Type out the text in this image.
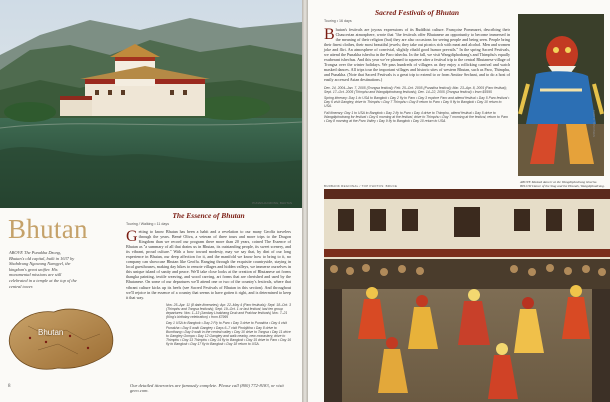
PUNAKHA DZONG, BHUTAN
Bhutan
ABOVE The Punakha Dzong, Bhutan's old capital, built in 1637 by Shabdrung Ngawang Namgyel, the kingdom's great unifier. His monumental missions are still celebrated in a temple at the top of the central tower.
Bhutan
The Essence of Bhutan
Touring / Walking • 11 days
Getting to know Bhutan has been a habit and a revelation to our many Geoffa travelers through the years. Bemé Oliva, a veteran of three tours and more trips to the Dragon Kingdom than we record our program there more than 20 years, coined The Essence of Bhutan as "a summary of all that drains us in Bhutan, its outstanding people, its sweet scenery, and its vibrant, proud culture." With a bow toward modesty, may we say that, by dint of our long experience in Bhutan, our deep affection for it, and the manifold we know how to bring to it, no company can showcase Bhutan like Geoffa. Ranging through the exquisite countryside, staying in local guesthouses, making day hikes to remote villages and hidden valleys, we immerse ourselves in this unique island of sanity and peace. We'll take close looks at the creation of Bhutanese art forms thangka painting, textile weaving, and wood carving, art forms that are cherished and used by the Bhutanese. On some of our departures we'll attend one or two of the country's festivals, where that vibrant culture kicks up its heels (see Sacred Festivals of Bhutan in this section). And throughout we'll rejoice in the essence of a country that seems to have gotten it right, and is determined to keep it that way.
Nov. 25–Apr. 11 (8 date-itineraries); Apr. 22–May 4 (Paro festivals); Sept. 18–Oct. 3 (Thimphu and Tongsa festivals); Sept. 19–Oct. 1 or last festival; last ten group departures: Nov. 1–13 (Jambay Lhakhang Drub and Prakhar festivals) Nov. 7–21 (King's birthday celebration) • from $7995
Day 1 USA to Bangkok • Day 2 Fly to Paro • Day 3 drive to Punakha • Day 4 visit Punakha • Day 5 walk Gangtey • Days 6–7 visit Phobjikha • Day 8 drive to Bumthang • Day 9 walk in the central valley • Day 10 drive to Tongsa • Day 11 drive to Gangtey Gompa • Day 12 Gangtey and walk nearby, new monastery, drive to Thimphu • Day 13 Thimphu • Day 14 fly to Bangkok • Day 15 drive to Paro • Day 16 fly to Bangkok • Day 17 fly to Bangkok • Day 18 return to USA.
8	Our detailed itineraries are famously complete. Please call (800) 772-8183, or visit geeo.com.
Sacred Festivals of Bhutan
Touring • 16 days
Bhutan's festivals are joyous expressions of its Buddhist culture. Françoise Pommaret, describing their Chaucerian atmosphere, wrote that "the festivals offer Bhutanese an opportunity to become immersed in the meaning of their religion (but) they are also occasions for seeing people and being seen. People bring their finest clothes, their most beautiful jewels; they take out picnics rich with meat and alcohol. Men and women joke and flirt. An atmosphere of convivial, slightly ribald good humor prevails." In the spring Sacred Festivals, we attend the Punakha tshechu in the Paro tshechu. In the fall, we visit Wangdiphodrang's and Thimphu's equally exuberant tshechus. And this year we've planned to squeeze after a festival trip to the central Bhutanese village of Trongsa over the winter holidays. We pass hundreds of villagers as they enjoy a rollicking carnival and watch masked dances. All trips tour the important villages and historic sites of western Bhutan, such as Paro, Thimphu, and Punakha. (Note that Sacred Festivals is a great trip to extend to or from Amitav Sechani, and to do a host of easily accessed Asian destinations.)
Dec. 24, 2004–Jan. 7, 2005 (Trongsa festival); Feb. 25–Oct. 2005 (Punakha festival); Mar. 23–Apr. 8, 2005 (Paro festival); Sept. 17–Oct. 2005 (Thimphu and Wangdiphodrang festivals); Dec. 14–22, 2005 (Trongsa festival) • from $5595
Spring itinerary: Day 1 to USA to Bangkok • Day 2 fly to Paro • Day 3 explore Paro and attend festival • Day 5 Paro festival • Day 6 visit Gangtey, drive to Thimphu • Day 7 Thimphu • Day 8 return to Paro • Day 9 fly to Bangkok • Day 10 return to USA.
Fall itinerary: Day 1 to USA to Bangkok • Day 2 fly to Paro • Day 4 drive to Thimphu, attend festival • Day 5 drive to Wangdiphodrang for festival • Day 6 morning at the festival, drive to Thimphu • Day 7 morning at the festival, return to Paro • Day 8 morning at the Paro Valley • Day 9 fly to Bangkok • Day 10 return to USA.	PHOTO: TOM OWEN
ABOVE Masked dancer at the Wangdiphodrang tshechu. BELOW Dance of the Stag and the Hounds, Wangdiphodrang.
BURBANK REGIONAL / TOP PHOTOS: BRUCE
